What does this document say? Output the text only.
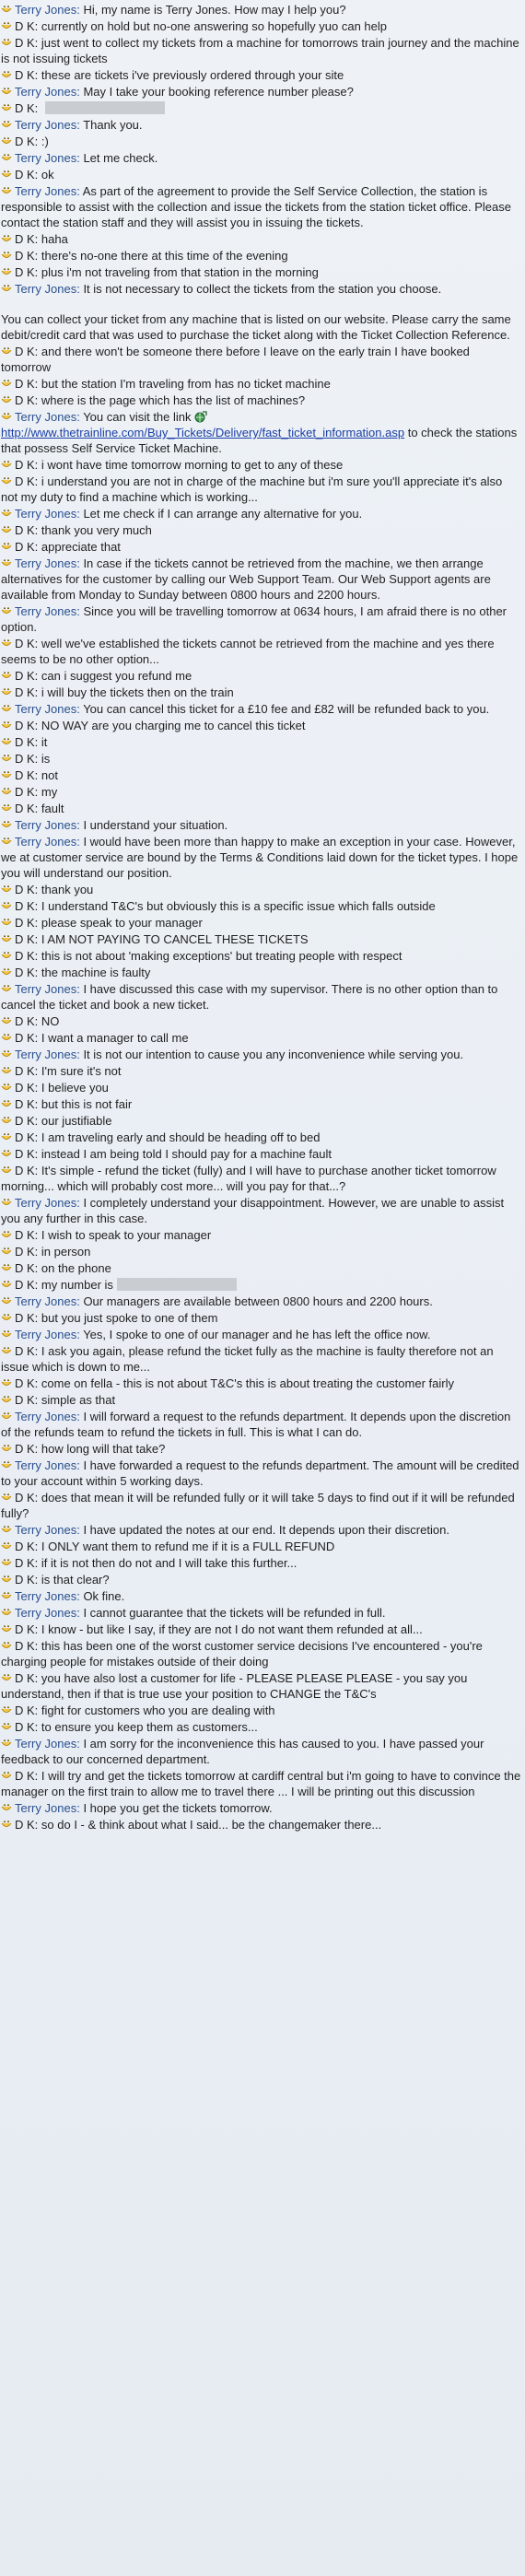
Terry Jones: Hi, my name is Terry Jones. How may I help you?
D K: currently on hold but no-one answering so hopefully yuo can help
D K: just went to collect my tickets from a machine for tomorrows train journey and the machine is not issuing tickets
D K: these are tickets i've previously ordered through your site
Terry Jones: May I take your booking reference number please?
D K:
Terry Jones: Thank you.
D K: :)
Terry Jones: Let me check.
D K: ok
Terry Jones: As part of the agreement to provide the Self Service Collection, the station is responsible to assist with the collection and issue the tickets from the station ticket office. Please contact the station staff and they will assist you in issuing the tickets.
D K: haha
D K: there's no-one there at this time of the evening
D K: plus i'm not traveling from that station in the morning
Terry Jones: It is not necessary to collect the tickets from the station you choose.
You can collect your ticket from any machine that is listed on our website. Please carry the same debit/credit card that was used to purchase the ticket along with the Ticket Collection Reference.
D K: and there won't be someone there before I leave on the early train I have booked tomorrow
D K: but the station I'm traveling from has no ticket machine
D K: where is the page which has the list of machines?
Terry Jones: You can visit the linkhttp://www.thetrainline.com/Buy_Tickets/Delivery/fast_ticket_information.asp to check the stations that possess Self Service Ticket Machine.
D K: i wont have time tomorrow morning to get to any of these
D K: i understand you are not in charge of the machine but i'm sure you'll appreciate it's also not my duty to find a machine which is working...
Terry Jones: Let me check if I can arrange any alternative for you.
D K: thank you very much
D K: appreciate that
Terry Jones: In case if the tickets cannot be retrieved from the machine, we then arrange alternatives for the customer by calling our Web Support Team. Our Web Support agents are available from Monday to Sunday between 0800 hours and 2200 hours.
Terry Jones: Since you will be travelling tomorrow at 0634 hours, I am afraid there is no other option.
D K: well we've established the tickets cannot be retrieved from the machine and yes there seems to be no other option...
D K: can i suggest you refund me
D K: i will buy the tickets then on the train
Terry Jones: You can cancel this ticket for a £10 fee and £82 will be refunded back to you.
D K: NO WAY are you charging me to cancel this ticket
D K: it
D K: is
D K: not
D K: my
D K: fault
Terry Jones: I understand your situation.
Terry Jones: I would have been more than happy to make an exception in your case. However, we at customer service are bound by the Terms & Conditions laid down for the ticket types. I hope you will understand our position.
D K: thank you
D K: I understand T&C's but obviously this is a specific issue which falls outside
D K: please speak to your manager
D K: I AM NOT PAYING TO CANCEL THESE TICKETS
D K: this is not about 'making exceptions' but treating people with respect
D K: the machine is faulty
Terry Jones: I have discussed this case with my supervisor. There is no other option than to cancel the ticket and book a new ticket.
D K: NO
D K: I want a manager to call me
Terry Jones: It is not our intention to cause you any inconvenience while serving you.
D K: I'm sure it's not
D K: I believe you
D K: but this is not fair
D K: our justifiable
D K: I am traveling early and should be heading off to bed
D K: instead I am being told I should pay for a machine fault
D K: It's simple - refund the ticket (fully) and I will have to purchase another ticket tomorrow morning... which will probably cost more... will you pay for that...?
Terry Jones: I completely understand your disappointment. However, we are unable to assist you any further in this case.
D K: I wish to speak to your manager
D K: in person
D K: on the phone
D K: my number is
Terry Jones: Our managers are available between 0800 hours and 2200 hours.
D K: but you just spoke to one of them
Terry Jones: Yes, I spoke to one of our manager and he has left the office now.
D K: I ask you again, please refund the ticket fully as the machine is faulty therefore not an issue which is down to me...
D K: come on fella - this is not about T&C's this is about treating the customer fairly
D K: simple as that
Terry Jones: I will forward a request to the refunds department. It depends upon the discretion of the refunds team to refund the tickets in full. This is what I can do.
D K: how long will that take?
Terry Jones: I have forwarded a request to the refunds department. The amount will be credited to your account within 5 working days.
D K: does that mean it will be refunded fully or it will take 5 days to find out if it will be refunded fully?
Terry Jones: I have updated the notes at our end. It depends upon their discretion.
D K: I ONLY want them to refund me if it is a FULL REFUND
D K: if it is not then do not and I will take this further...
D K: is that clear?
Terry Jones: Ok fine.
Terry Jones: I cannot guarantee that the tickets will be refunded in full.
D K: I know - but like I say, if they are not I do not want them refunded at all...
D K: this has been one of the worst customer service decisions I've encountered - you're charging people for mistakes outside of their doing
D K: you have also lost a customer for life - PLEASE PLEASE PLEASE - you say you understand, then if that is true use your position to CHANGE the T&C's
D K: fight for customers who you are dealing with
D K: to ensure you keep them as customers...
Terry Jones: I am sorry for the inconvenience this has caused to you. I have passed your feedback to our concerned department.
D K: I will try and get the tickets tomorrow at cardiff central but i'm going to have to convince the manager on the first train to allow me to travel there ... I will be printing out this discussion
Terry Jones: I hope you get the tickets tomorrow.
D K: so do I - & think about what I said... be the changemaker there...
